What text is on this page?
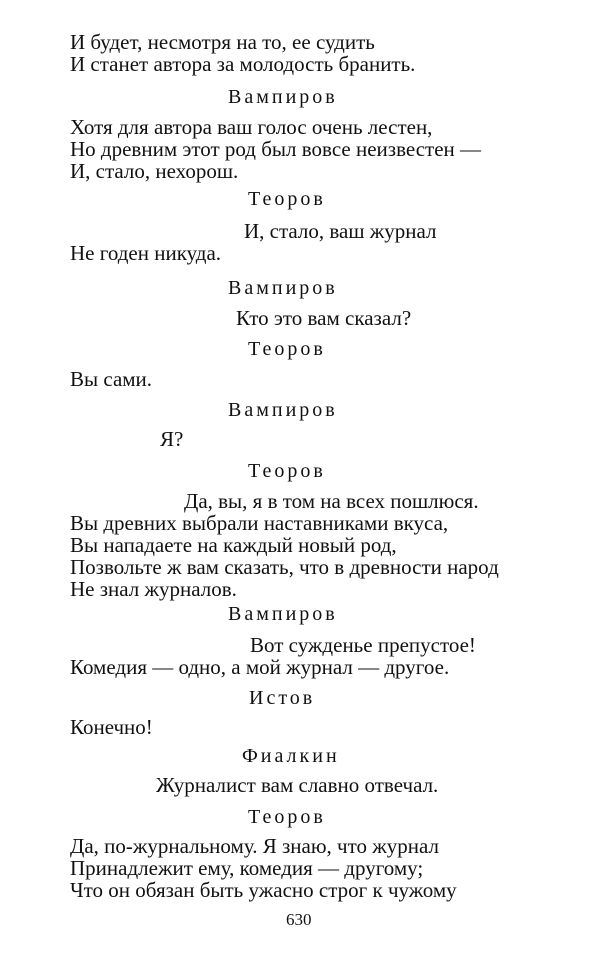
И будет, несмотря на то, ее судить
И станет автора за молодость бранить.
Вампиров
Хотя для автора ваш голос очень лестен,
Но древним этот род был вовсе неизвестен —
И, стало, нехорош.
Теоров
И, стало, ваш журнал
Не годен никуда.
Вампиров
Кто это вам сказал?
Теоров
Вы сами.
Вампиров
Я?
Теоров
Да, вы, я в том на всех пошлюся.
Вы древних выбрали наставниками вкуса,
Вы нападаете на каждый новый род,
Позвольте ж вам сказать, что в древности народ
Не знал журналов.
Вампиров
Вот сужденье препустое!
Комедия — одно, а мой журнал — другое.
Истов
Конечно!
Фиалкин
Журналист вам славно отвечал.
Теоров
Да, по-журнальному. Я знаю, что журнал
Принадлежит ему, комедия — другому;
Что он обязан быть ужасно строг к чужому
630
